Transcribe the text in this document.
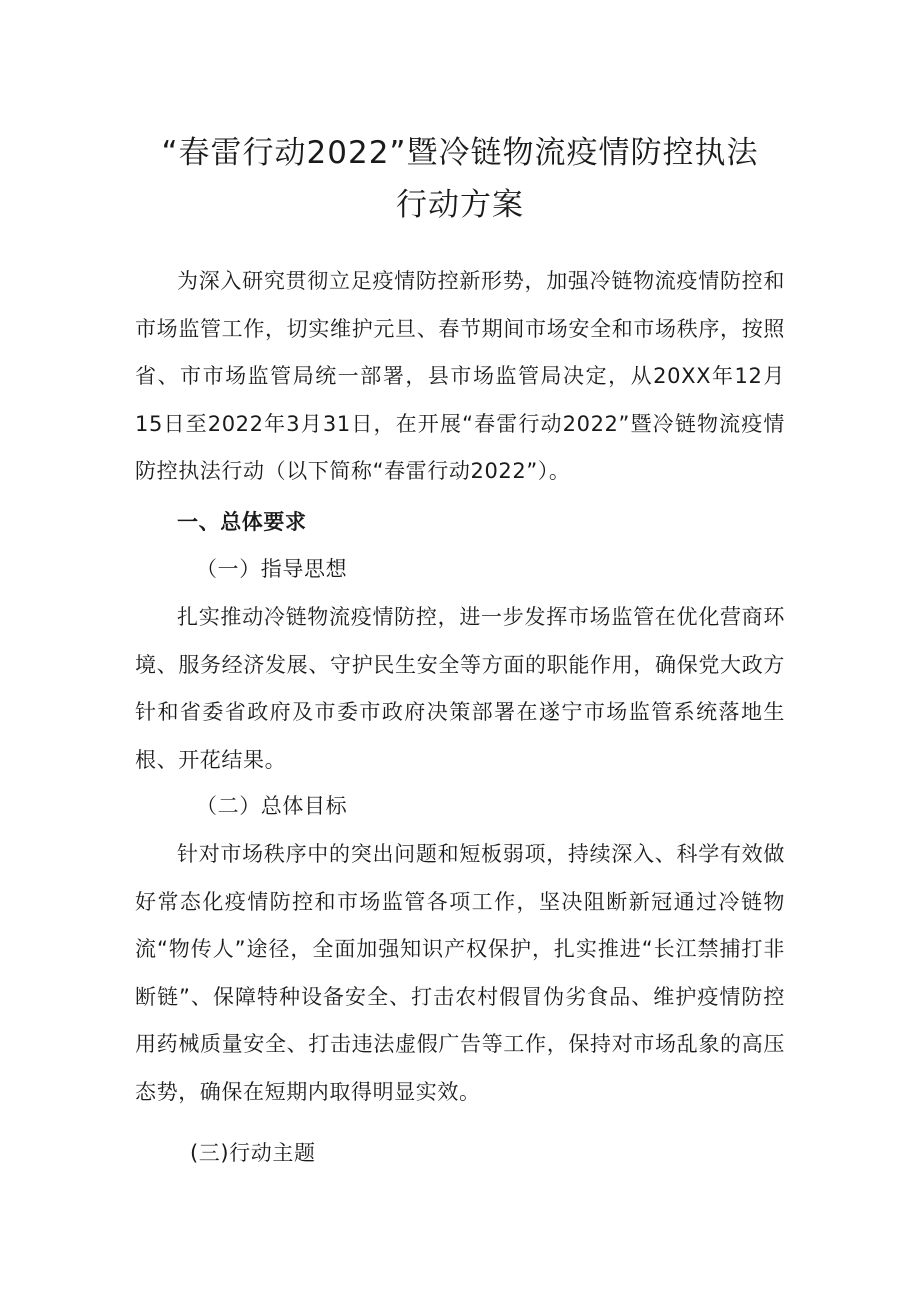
“春雷行动2022”暨冷链物流疫情防控执法
行动方案

为深入研究贯彻立足疫情防控新形势，加强冷链物流疫情防控和市场监管工作，切实维护元旦、春节期间市场安全和市场秩序，按照省、市市场监管局统一部署，县市场监管局决定，从20XX年12月15日至2022年3月31日，在开展“春雷行动2022”暨冷链物流疫情防控执法行动（以下简称“春雷行动2022”）。

一、总体要求
（一）指导思想

扎实推动冷链物流疫情防控，进一步发挥市场监管在优化营商环境、服务经济发展、守护民生安全等方面的职能作用，确保党大政方针和省委省政府及市委市政府决策部署在遂宁市场监管系统落地生根、开花结果。

（二）总体目标

针对市场秩序中的突出问题和短板弱项，持续深入、科学有效做好常态化疫情防控和市场监管各项工作，坚决阻断新冠通过冷链物流“物传人”途径，全面加强知识产权保护，扎实推进“长江禁捕打非断链”、保障特种设备安全、打击农村假冒伪劣食品、维护疫情防控用药械质量安全、打击违法虚假广告等工作，保持对市场乱象的高压态势，确保在短期内取得明显实效。

(三)行动主题
